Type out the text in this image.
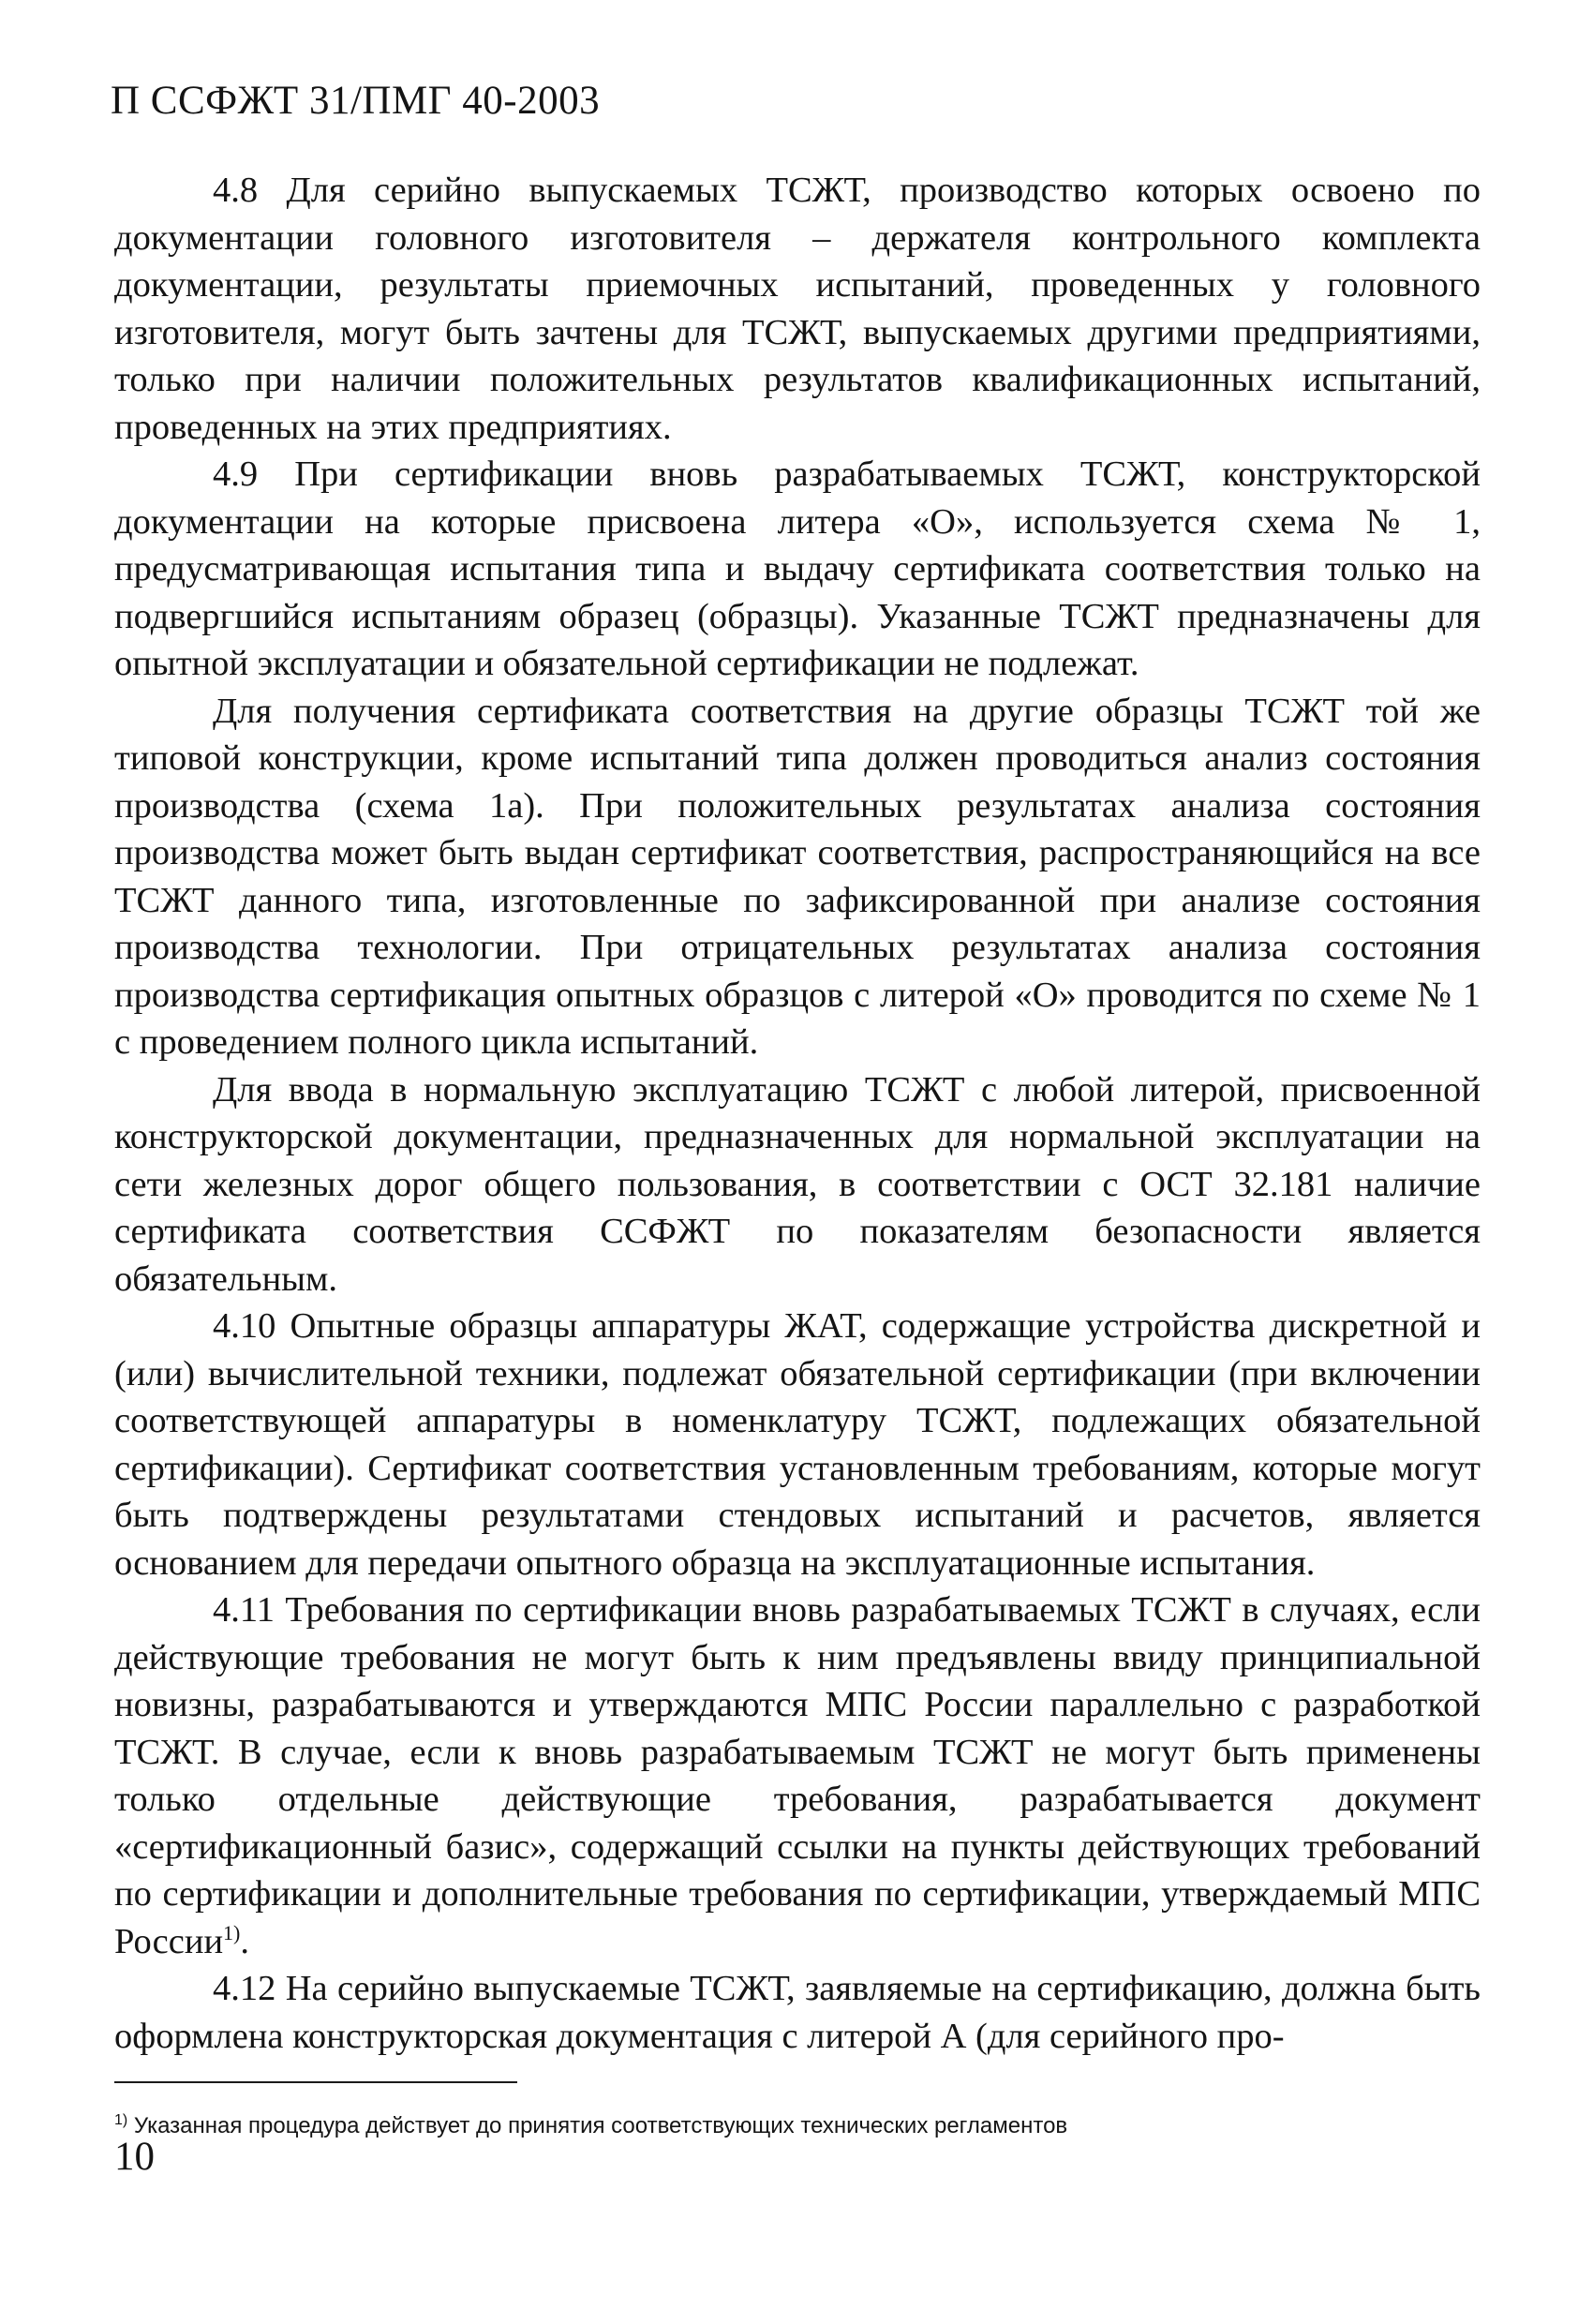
П ССФЖТ 31/ПМГ 40-2003

4.8 Для серийно выпускаемых ТСЖТ, производство которых освоено по документации головного изготовителя – держателя контрольного комплекта документации, результаты приемочных испытаний, проведенных у головного изготовителя, могут быть зачтены для ТСЖТ, выпускаемых другими предприятиями, только при наличии положительных результатов квалификационных испытаний, проведенных на этих предприятиях.

4.9 При сертификации вновь разрабатываемых ТСЖТ, конструкторской документации на которые присвоена литера «О», используется схема № 1, предусматривающая испытания типа и выдачу сертификата соответствия только на подвергшийся испытаниям образец (образцы). Указанные ТСЖТ предназначены для опытной эксплуатации и обязательной сертификации не подлежат.

Для получения сертификата соответствия на другие образцы ТСЖТ той же типовой конструкции, кроме испытаний типа должен проводиться анализ состояния производства (схема 1а). При положительных результатах анализа состояния производства может быть выдан сертификат соответствия, распространяющийся на все ТСЖТ данного типа, изготовленные по зафиксированной при анализе состояния производства технологии. При отрицательных результатах анализа состояния производства сертификация опытных образцов с литерой «О» проводится по схеме № 1 с проведением полного цикла испытаний.

Для ввода в нормальную эксплуатацию ТСЖТ с любой литерой, присвоенной конструкторской документации, предназначенных для нормальной эксплуатации на сети железных дорог общего пользования, в соответствии с ОСТ 32.181 наличие сертификата соответствия ССФЖТ по показателям безопасности является обязательным.

4.10 Опытные образцы аппаратуры ЖАТ, содержащие устройства дискретной и (или) вычислительной техники, подлежат обязательной сертификации (при включении соответствующей аппаратуры в номенклатуру ТСЖТ, подлежащих обязательной сертификации). Сертификат соответствия установленным требованиям, которые могут быть подтверждены результатами стендовых испытаний и расчетов, является основанием для передачи опытного образца на эксплуатационные испытания.

4.11 Требования по сертификации вновь разрабатываемых ТСЖТ в случаях, если действующие требования не могут быть к ним предъявлены ввиду принципиальной новизны, разрабатываются и утверждаются МПС России параллельно с разработкой ТСЖТ. В случае, если к вновь разрабатываемым ТСЖТ не могут быть применены только отдельные действующие требования, разрабатывается документ «сертификационный базис», содержащий ссылки на пункты действующих требований по сертификации и дополнительные требования по сертификации, утверждаемый МПС России$^{1)}$.

4.12 На серийно выпускаемые ТСЖТ, заявляемые на сертификацию, должна быть оформлена конструкторская документация с литерой А (для серийного про-

$^{1)}$ Указанная процедура действует до принятия соответствующих технических регламентов
10
